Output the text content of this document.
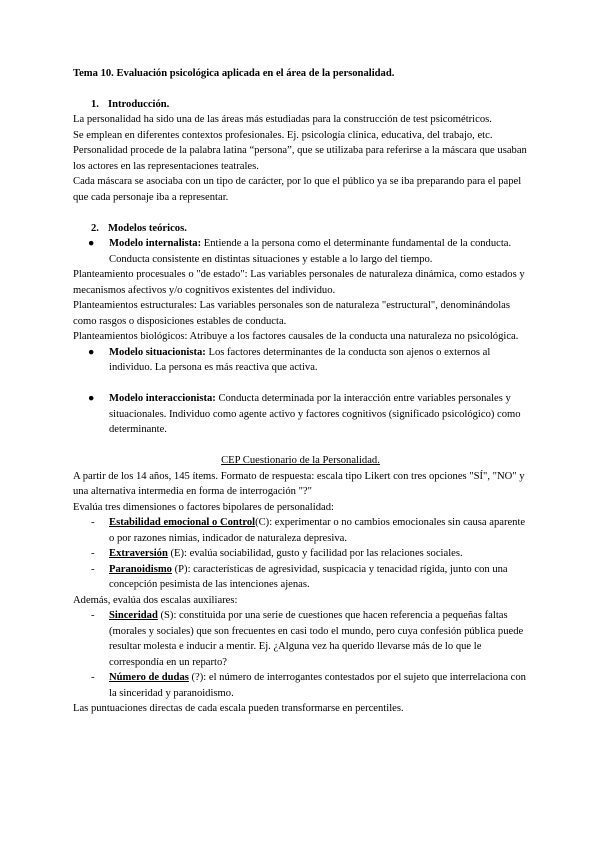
Tema 10. Evaluación psicológica aplicada en el área de la personalidad.

1. Introducción.

La personalidad ha sido una de las áreas más estudiadas para la construcción de test psicométricos.

Se emplean en diferentes contextos profesionales. Ej. psicología clínica, educativa, del trabajo, etc.

Personalidad procede de la palabra latina “persona”, que se utilizaba para referirse a la máscara que usaban los actores en las representaciones teatrales.

Cada máscara se asociaba con un tipo de carácter, por lo que el público ya se iba preparando para el papel que cada personaje iba a representar.

2. Modelos teóricos.

● Modelo internalista: Entiende a la persona como el determinante fundamental de la conducta. Conducta consistente en distintas situaciones y estable a lo largo del tiempo.

Planteamiento procesuales o "de estado": Las variables personales de naturaleza dinámica, como estados y mecanismos afectivos y/o cognitivos existentes del individuo.

Planteamientos estructurales: Las variables personales son de naturaleza "estructural", denominándolas como rasgos o disposiciones estables de conducta.

Planteamientos biológicos: Atribuye a los factores causales de la conducta una naturaleza no psicológica.

● Modelo situacionista: Los factores determinantes de la conducta son ajenos o externos al individuo. La persona es más reactiva que activa.
● Modelo interaccionista: Conducta determinada por la interacción entre variables personales y situacionales. Individuo como agente activo y factores cognitivos (significado psicológico) como determinante.

CEP Cuestionario de la Personalidad.

A partir de los 14 años, 145 ítems. Formato de respuesta: escala tipo Likert con tres opciones "SÍ", "NO" y una alternativa intermedia en forma de interrogación "?"

Evalúa tres dimensiones o factores bipolares de personalidad:

- Estabilidad emocional o Control(C): experimentar o no cambios emocionales sin causa aparente o por razones nimias, indicador de naturaleza depresiva.
- Extraversión (E): evalúa sociabilidad, gusto y facilidad por las relaciones sociales.
- Paranoidismo (P): características de agresividad, suspicacia y tenacidad rígida, junto con una concepción pesimista de las intenciones ajenas.

Además, evalúa dos escalas auxiliares:

- Sinceridad (S): constituida por una serie de cuestiones que hacen referencia a pequeñas faltas (morales y sociales) que son frecuentes en casi todo el mundo, pero cuya confesión pública puede resultar molesta e inducir a mentir. Ej. ¿Alguna vez ha querido llevarse más de lo que le correspondía en un reparto?
- Número de dudas (?): el número de interrogantes contestados por el sujeto que interrelaciona con la sinceridad y paranoidismo.

Las puntuaciones directas de cada escala pueden transformarse en percentiles.
